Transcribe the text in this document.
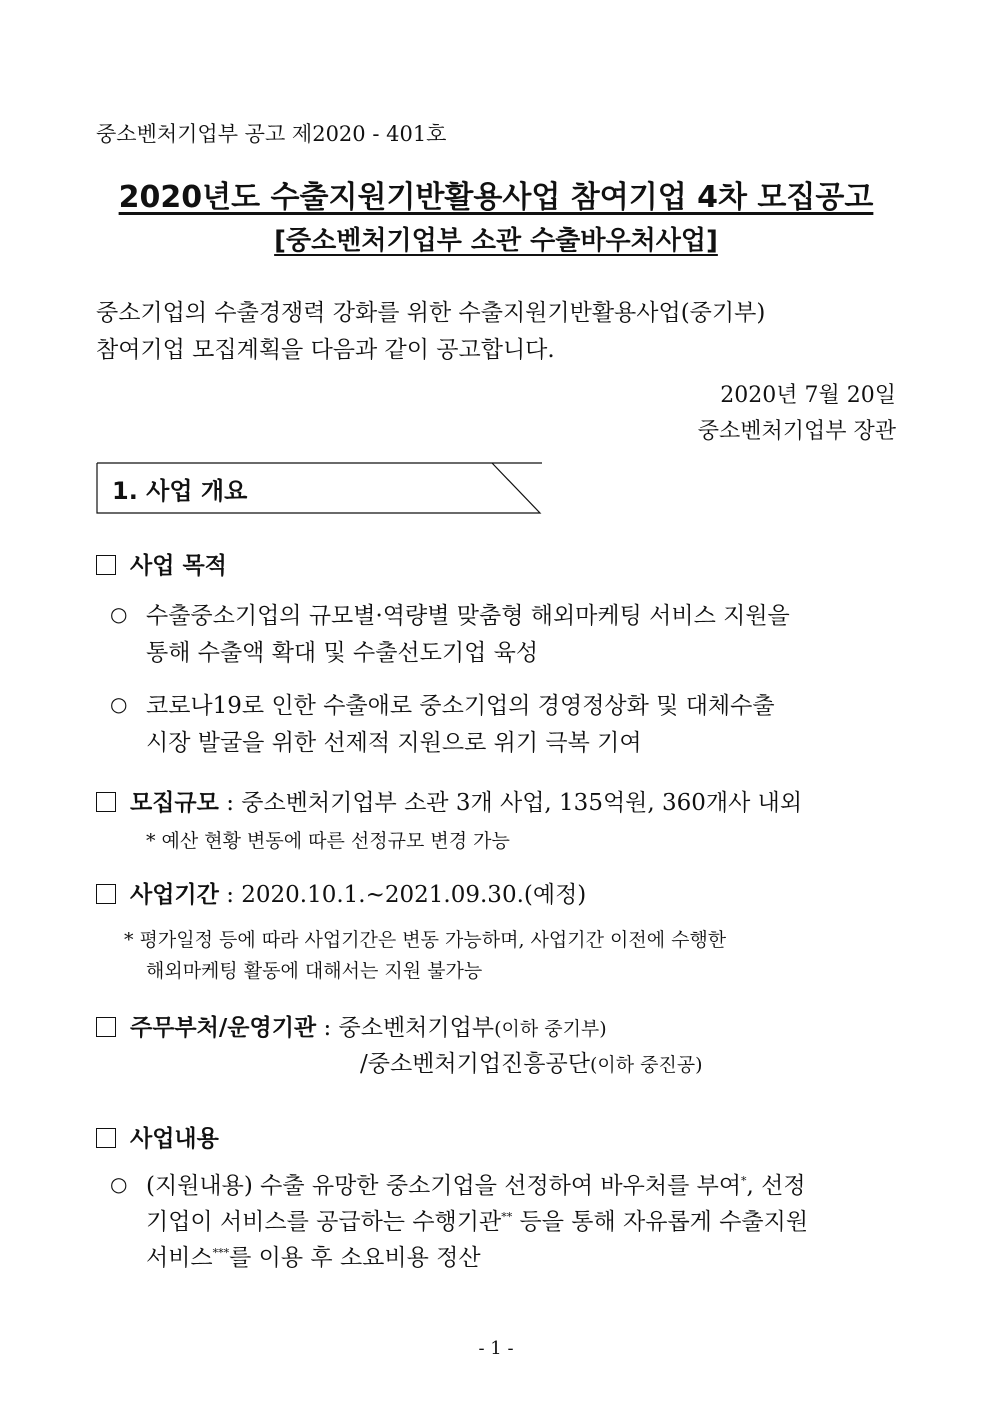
중소벤처기업부 공고 제2020 - 401호
2020년도 수출지원기반활용사업 참여기업 4차 모집공고
[중소벤처기업부 소관 수출바우처사업]
중소기업의 수출경쟁력 강화를 위한 수출지원기반활용사업(중기부)
참여기업 모집계획을 다음과 같이 공고합니다.
2020년 7월 20일
중소벤처기업부 장관
1. 사업 개요
사업 목적
○ 수출중소기업의 규모별·역량별 맞춤형 해외마케팅 서비스 지원을
통해 수출액 확대 및 수출선도기업 육성
○ 코로나19로 인한 수출애로 중소기업의 경영정상화 및 대체수출
시장 발굴을 위한 선제적 지원으로 위기 극복 기여
모집규모 : 중소벤처기업부 소관 3개 사업, 135억원, 360개사 내외
* 예산 현황 변동에 따른 선정규모 변경 가능
사업기간 : 2020.10.1.~2021.09.30.(예정)
* 평가일정 등에 따라 사업기간은 변동 가능하며, 사업기간 이전에 수행한
해외마케팅 활동에 대해서는 지원 불가능
주무부처/운영기관 : 중소벤처기업부(이하 중기부)
/중소벤처기업진흥공단(이하 중진공)
사업내용
○ (지원내용) 수출 유망한 중소기업을 선정하여 바우처를 부여*, 선정
기업이 서비스를 공급하는 수행기관** 등을 통해 자유롭게 수출지원
서비스***를 이용 후 소요비용 정산
- 1 -
